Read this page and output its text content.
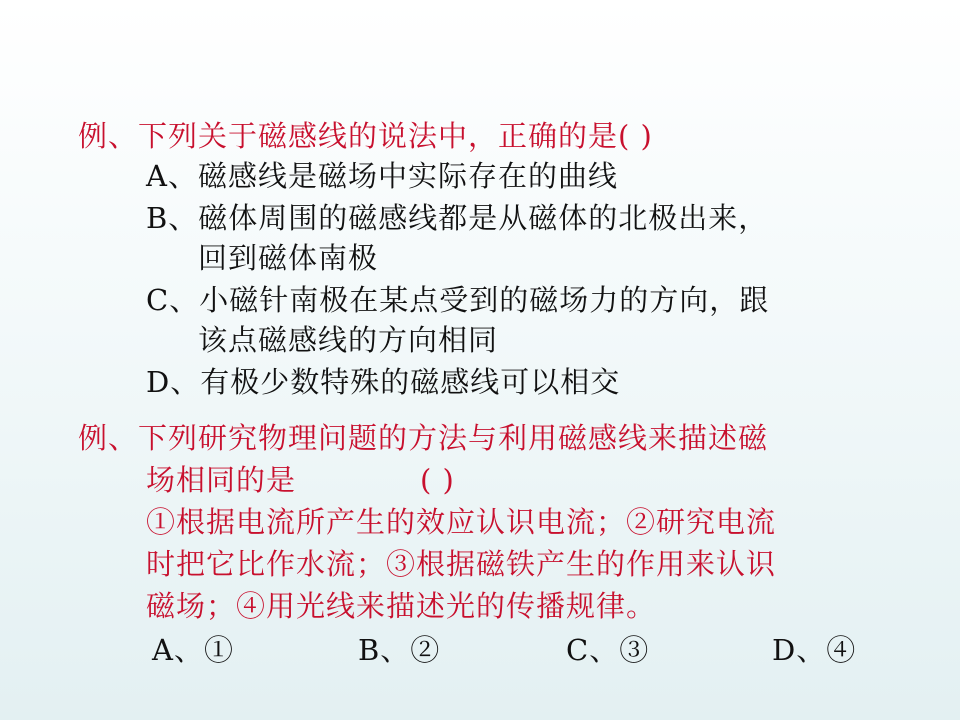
例、下列关于磁感线的说法中，正确的是( )
A、磁感线是磁场中实际存在的曲线
B、磁体周围的磁感线都是从磁体的北极出来，
回到磁体南极
C、小磁针南极在某点受到的磁场力的方向，跟
该点磁感线的方向相同
D、有极少数特殊的磁感线可以相交
例、下列研究物理问题的方法与利用磁感线来描述磁
场相同的是	( )
①根据电流所产生的效应认识电流；②研究电流
时把它比作水流；③根据磁铁产生的作用来认识
磁场；④用光线来描述光的传播规律。
A、①	B、②	C、③	D、④
